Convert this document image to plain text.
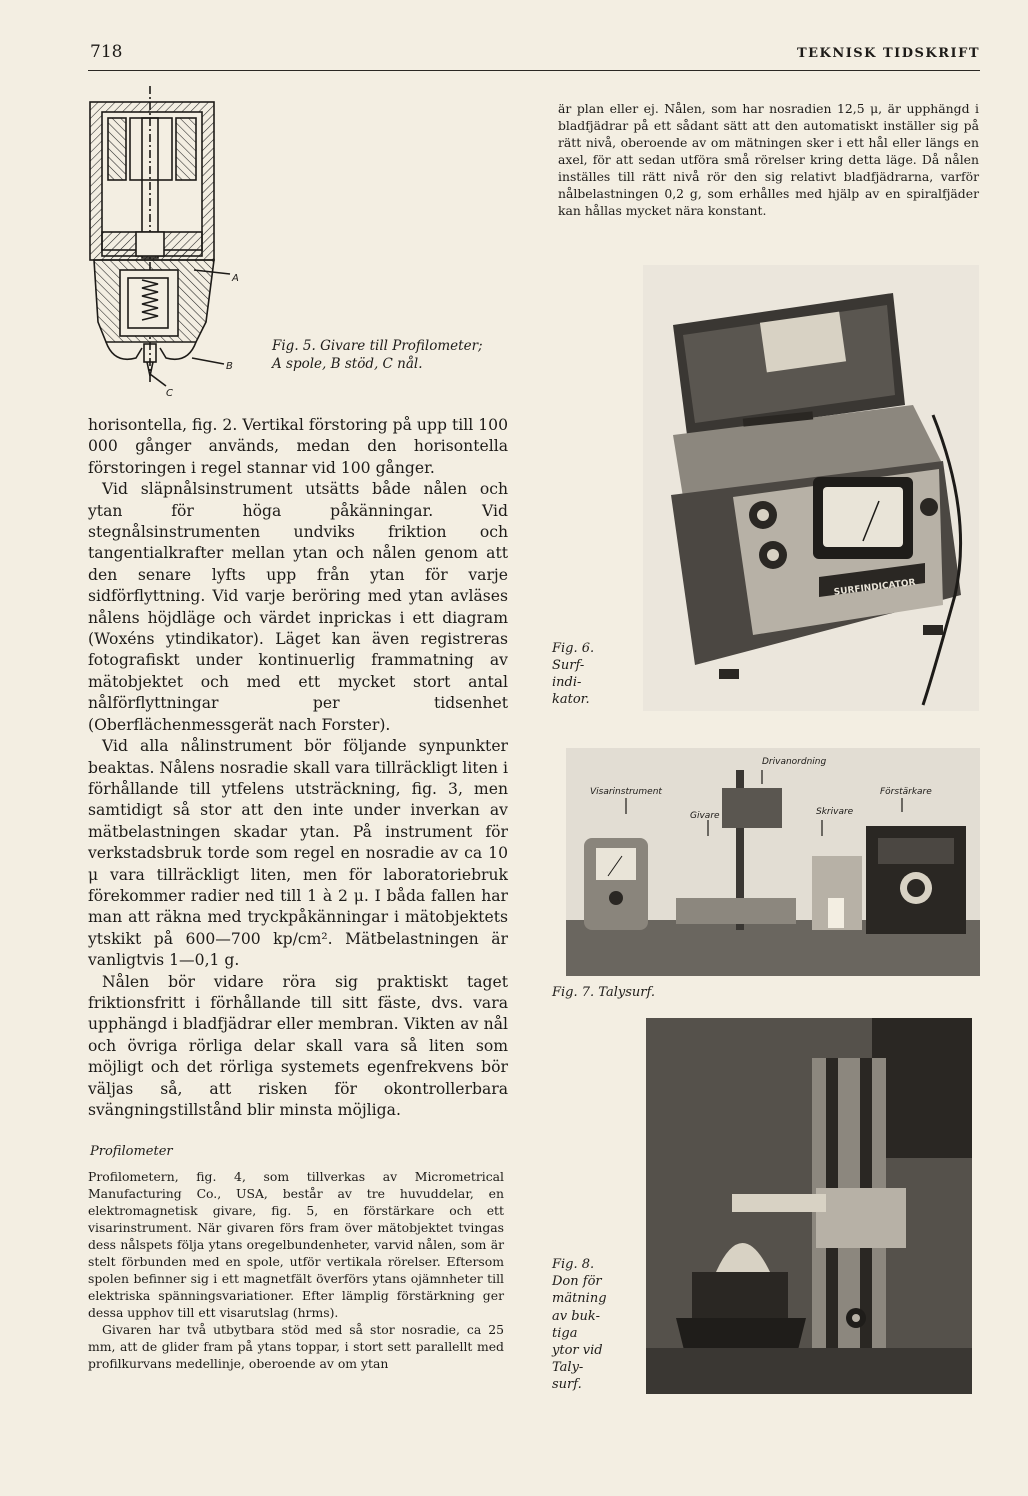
718	TEKNISK TIDSKRIFT
A
B
C
Fig. 5. Givare till Profilometer;
A spole, B stöd, C nål.
är plan eller ej. Nålen, som har nosradien 12,5 μ, är upphängd i bladfjädrar på ett sådant sätt att den automatiskt inställer sig på rätt nivå, oberoende av om mätningen sker i ett hål eller längs en axel, för att sedan utföra små rörelser kring detta läge. Då nålen inställes till rätt nivå rör den sig relativt bladfjädrarna, varför nålbelastningen 0,2 g, som erhålles med hjälp av en spiralfjäder kan hållas mycket nära konstant.
SURFINDICATOR
Fig. 6.
Surf-
indi-
kator.
Drivanordning
Visarinstrument
Givare	Skrivare
Förstärkare
Fig. 7. Talysurf.
Fig. 8.
Don för
mätning
av buk-
tiga
ytor vid
Taly-
surf.

horisontella, fig. 2. Vertikal förstoring på upp till 100 000 gånger används, medan den horisontella förstoringen i regel stannar vid 100 gånger.

Vid släpnålsinstrument utsätts både nålen och ytan för höga påkänningar. Vid stegnålsinstrumenten undviks friktion och tangentialkrafter mellan ytan och nålen genom att den senare lyfts upp från ytan för varje sidförflyttning. Vid varje beröring med ytan avläses nålens höjdläge och värdet inprickas i ett diagram (Woxéns ytindikator). Läget kan även registreras fotografiskt under kontinuerlig frammatning av mätobjektet och med ett mycket stort antal nålförflyttningar per tidsenhet (Oberflächenmessgerät nach Forster).

Vid alla nålinstrument bör följande synpunkter beaktas. Nålens nosradie skall vara tillräckligt liten i förhållande till ytfelens utsträckning, fig. 3, men samtidigt så stor att den inte under inverkan av mätbelastningen skadar ytan. På instrument för verkstadsbruk torde som regel en nosradie av ca 10 μ vara tillräckligt liten, men för laboratoriebruk förekommer radier ned till 1 à 2 μ. I båda fallen har man att räkna med tryckpåkänningar i mätobjektets ytskikt på 600—700 kp/cm². Mätbelastningen är vanligtvis 1—0,1 g.

Nålen bör vidare röra sig praktiskt taget friktionsfritt i förhållande till sitt fäste, dvs. vara upphängd i bladfjädrar eller membran. Vikten av nål och övriga rörliga delar skall vara så liten som möjligt och det rörliga systemets egenfrekvens bör väljas så, att risken för okontrollerbara svängningstillstånd blir minsta möjliga.

Profilometer

Profilometern, fig. 4, som tillverkas av Micrometrical Manufacturing Co., USA, består av tre huvuddelar, en elektromagnetisk givare, fig. 5, en förstärkare och ett visarinstrument. När givaren förs fram över mätobjektet tvingas dess nålspets följa ytans oregelbundenheter, varvid nålen, som är stelt förbunden med en spole, utför vertikala rörelser. Eftersom spolen befinner sig i ett magnetfält överförs ytans ojämnheter till elektriska spänningsvariationer. Efter lämplig förstärkning ger dessa upphov till ett visarutslag (hrms).

Givaren har två utbytbara stöd med så stor nosradie, ca 25 mm, att de glider fram på ytans toppar, i stort sett parallellt med profilkurvans medellinje, oberoende av om ytan
